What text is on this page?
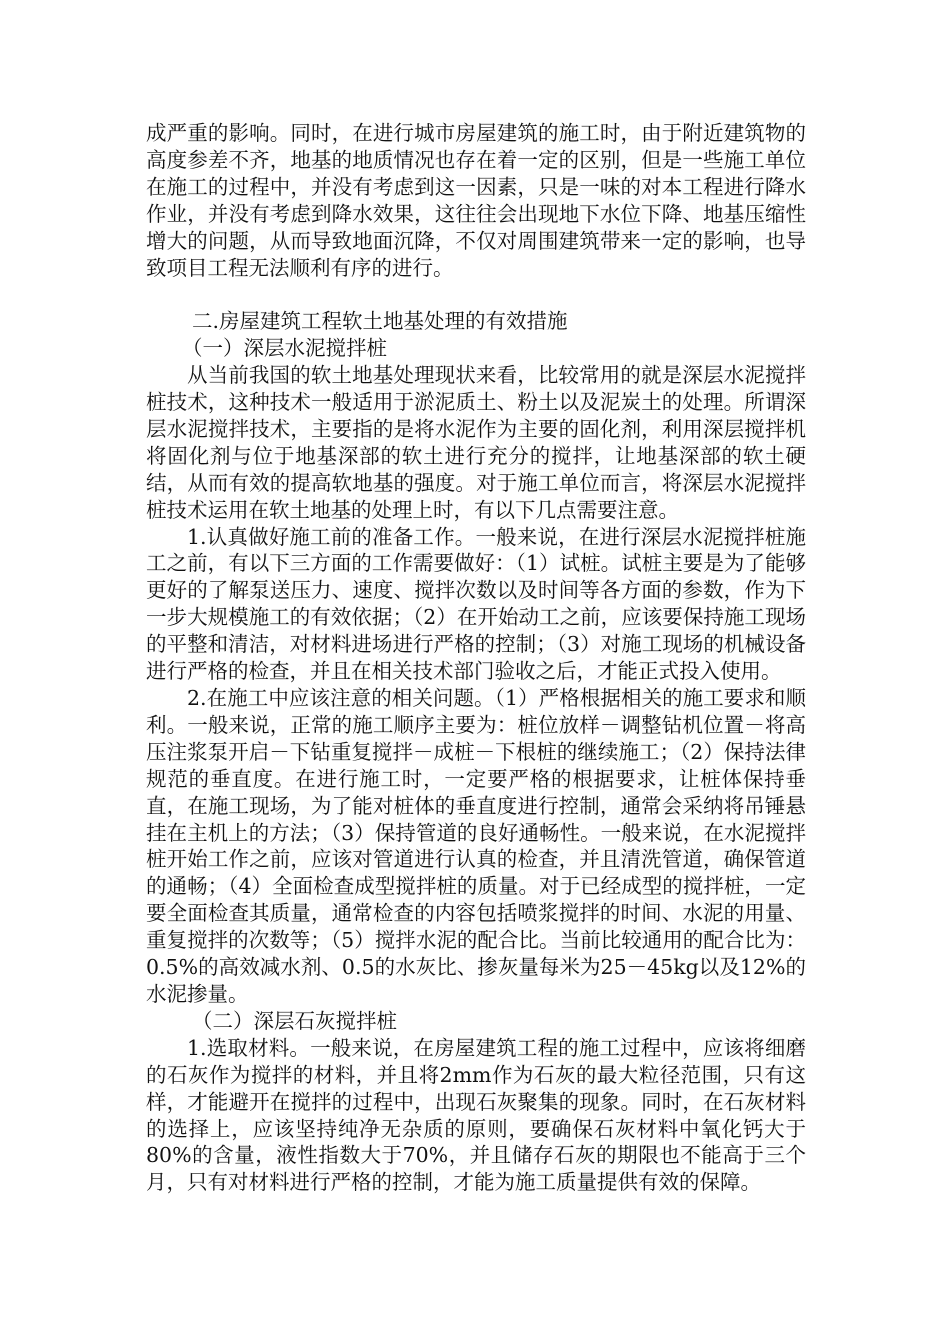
成严重的影响。同时，在进行城市房屋建筑的施工时，由于附近建筑物的高度参差不齐，地基的地质情况也存在着一定的区别，但是一些施工单位在施工的过程中，并没有考虑到这一因素，只是一味的对本工程进行降水作业，并没有考虑到降水效果，这往往会出现地下水位下降、地基压缩性增大的问题，从而导致地面沉降，不仅对周围建筑带来一定的影响，也导致项目工程无法顺利有序的进行。

二.房屋建筑工程软土地基处理的有效措施

（一）深层水泥搅拌桩

从当前我国的软土地基处理现状来看，比较常用的就是深层水泥搅拌桩技术，这种技术一般适用于淤泥质土、粉土以及泥炭土的处理。所谓深层水泥搅拌技术，主要指的是将水泥作为主要的固化剂，利用深层搅拌机将固化剂与位于地基深部的软土进行充分的搅拌，让地基深部的软土硬结，从而有效的提高软地基的强度。对于施工单位而言，将深层水泥搅拌桩技术运用在软土地基的处理上时，有以下几点需要注意。

1.认真做好施工前的准备工作。一般来说，在进行深层水泥搅拌桩施工之前，有以下三方面的工作需要做好：（1）试桩。试桩主要是为了能够更好的了解泵送压力、速度、搅拌次数以及时间等各方面的参数，作为下一步大规模施工的有效依据；（2）在开始动工之前，应该要保持施工现场的平整和清洁，对材料进场进行严格的控制；（3）对施工现场的机械设备进行严格的检查，并且在相关技术部门验收之后，才能正式投入使用。

2.在施工中应该注意的相关问题。（1）严格根据相关的施工要求和顺利。一般来说，正常的施工顺序主要为：桩位放样－调整钻机位置－将高压注浆泵开启－下钻重复搅拌－成桩－下根桩的继续施工；（2）保持法律规范的垂直度。在进行施工时，一定要严格的根据要求，让桩体保持垂直，在施工现场，为了能对桩体的垂直度进行控制，通常会采纳将吊锤悬挂在主机上的方法；（3）保持管道的良好通畅性。一般来说，在水泥搅拌桩开始工作之前，应该对管道进行认真的检查，并且清洗管道，确保管道的通畅；（4）全面检查成型搅拌桩的质量。对于已经成型的搅拌桩，一定要全面检查其质量，通常检查的内容包括喷浆搅拌的时间、水泥的用量、重复搅拌的次数等；（5）搅拌水泥的配合比。当前比较通用的配合比为：0.5%的高效减水剂、0.5的水灰比、掺灰量每米为25－45kg以及12%的水泥掺量。

（二）深层石灰搅拌桩

1.选取材料。一般来说，在房屋建筑工程的施工过程中，应该将细磨的石灰作为搅拌的材料，并且将2mm作为石灰的最大粒径范围，只有这样，才能避开在搅拌的过程中，出现石灰聚集的现象。同时，在石灰材料的选择上，应该坚持纯净无杂质的原则，要确保石灰材料中氧化钙大于80%的含量，液性指数大于70%，并且储存石灰的期限也不能高于三个月，只有对材料进行严格的控制，才能为施工质量提供有效的保障。
